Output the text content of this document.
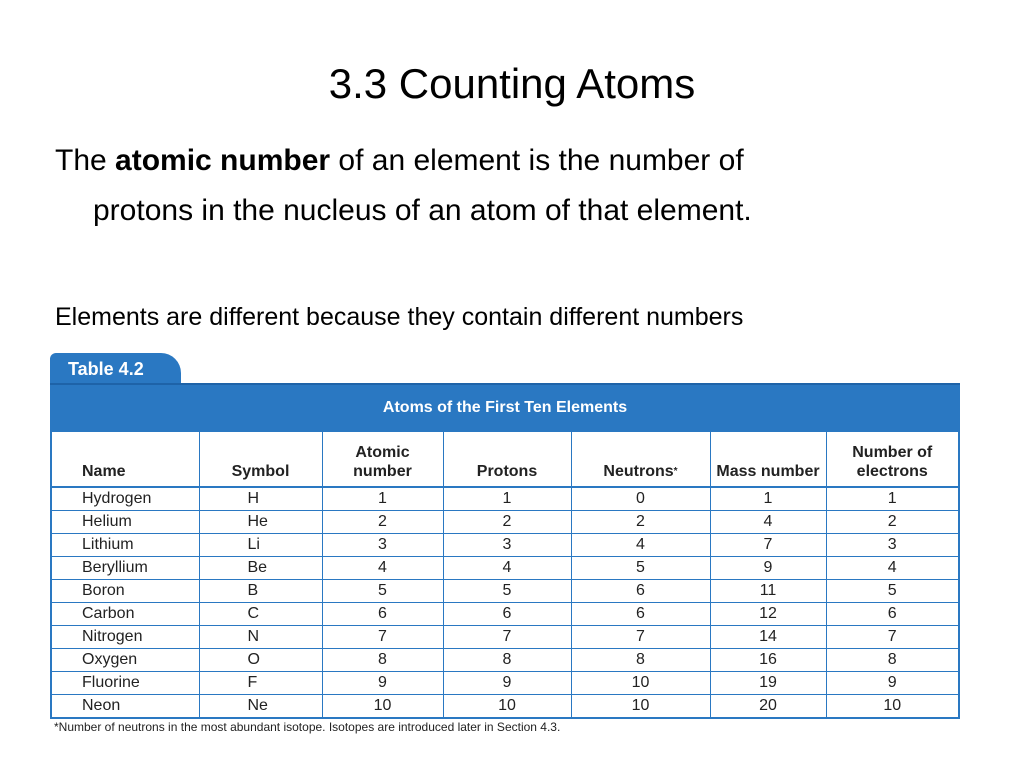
3.3 Counting Atoms

The atomic number of an element is the number of
protons in the nucleus of an atom of that element.

Elements are different because they contain different numbers

Table 4.2
Atoms of the First Ten Elements
Name	Symbol	Atomic number	Protons	Neutrons*	Mass number	Number of electrons
Hydrogen	H	1	1	0	1	1
Helium	He	2	2	2	4	2
Lithium	Li	3	3	4	7	3
Beryllium	Be	4	4	5	9	4
Boron	B	5	5	6	11	5
Carbon	C	6	6	6	12	6
Nitrogen	N	7	7	7	14	7
Oxygen	O	8	8	8	16	8
Fluorine	F	9	9	10	19	9
Neon	Ne	10	10	10	20	10
*Number of neutrons in the most abundant isotope. Isotopes are introduced later in Section 4.3.
